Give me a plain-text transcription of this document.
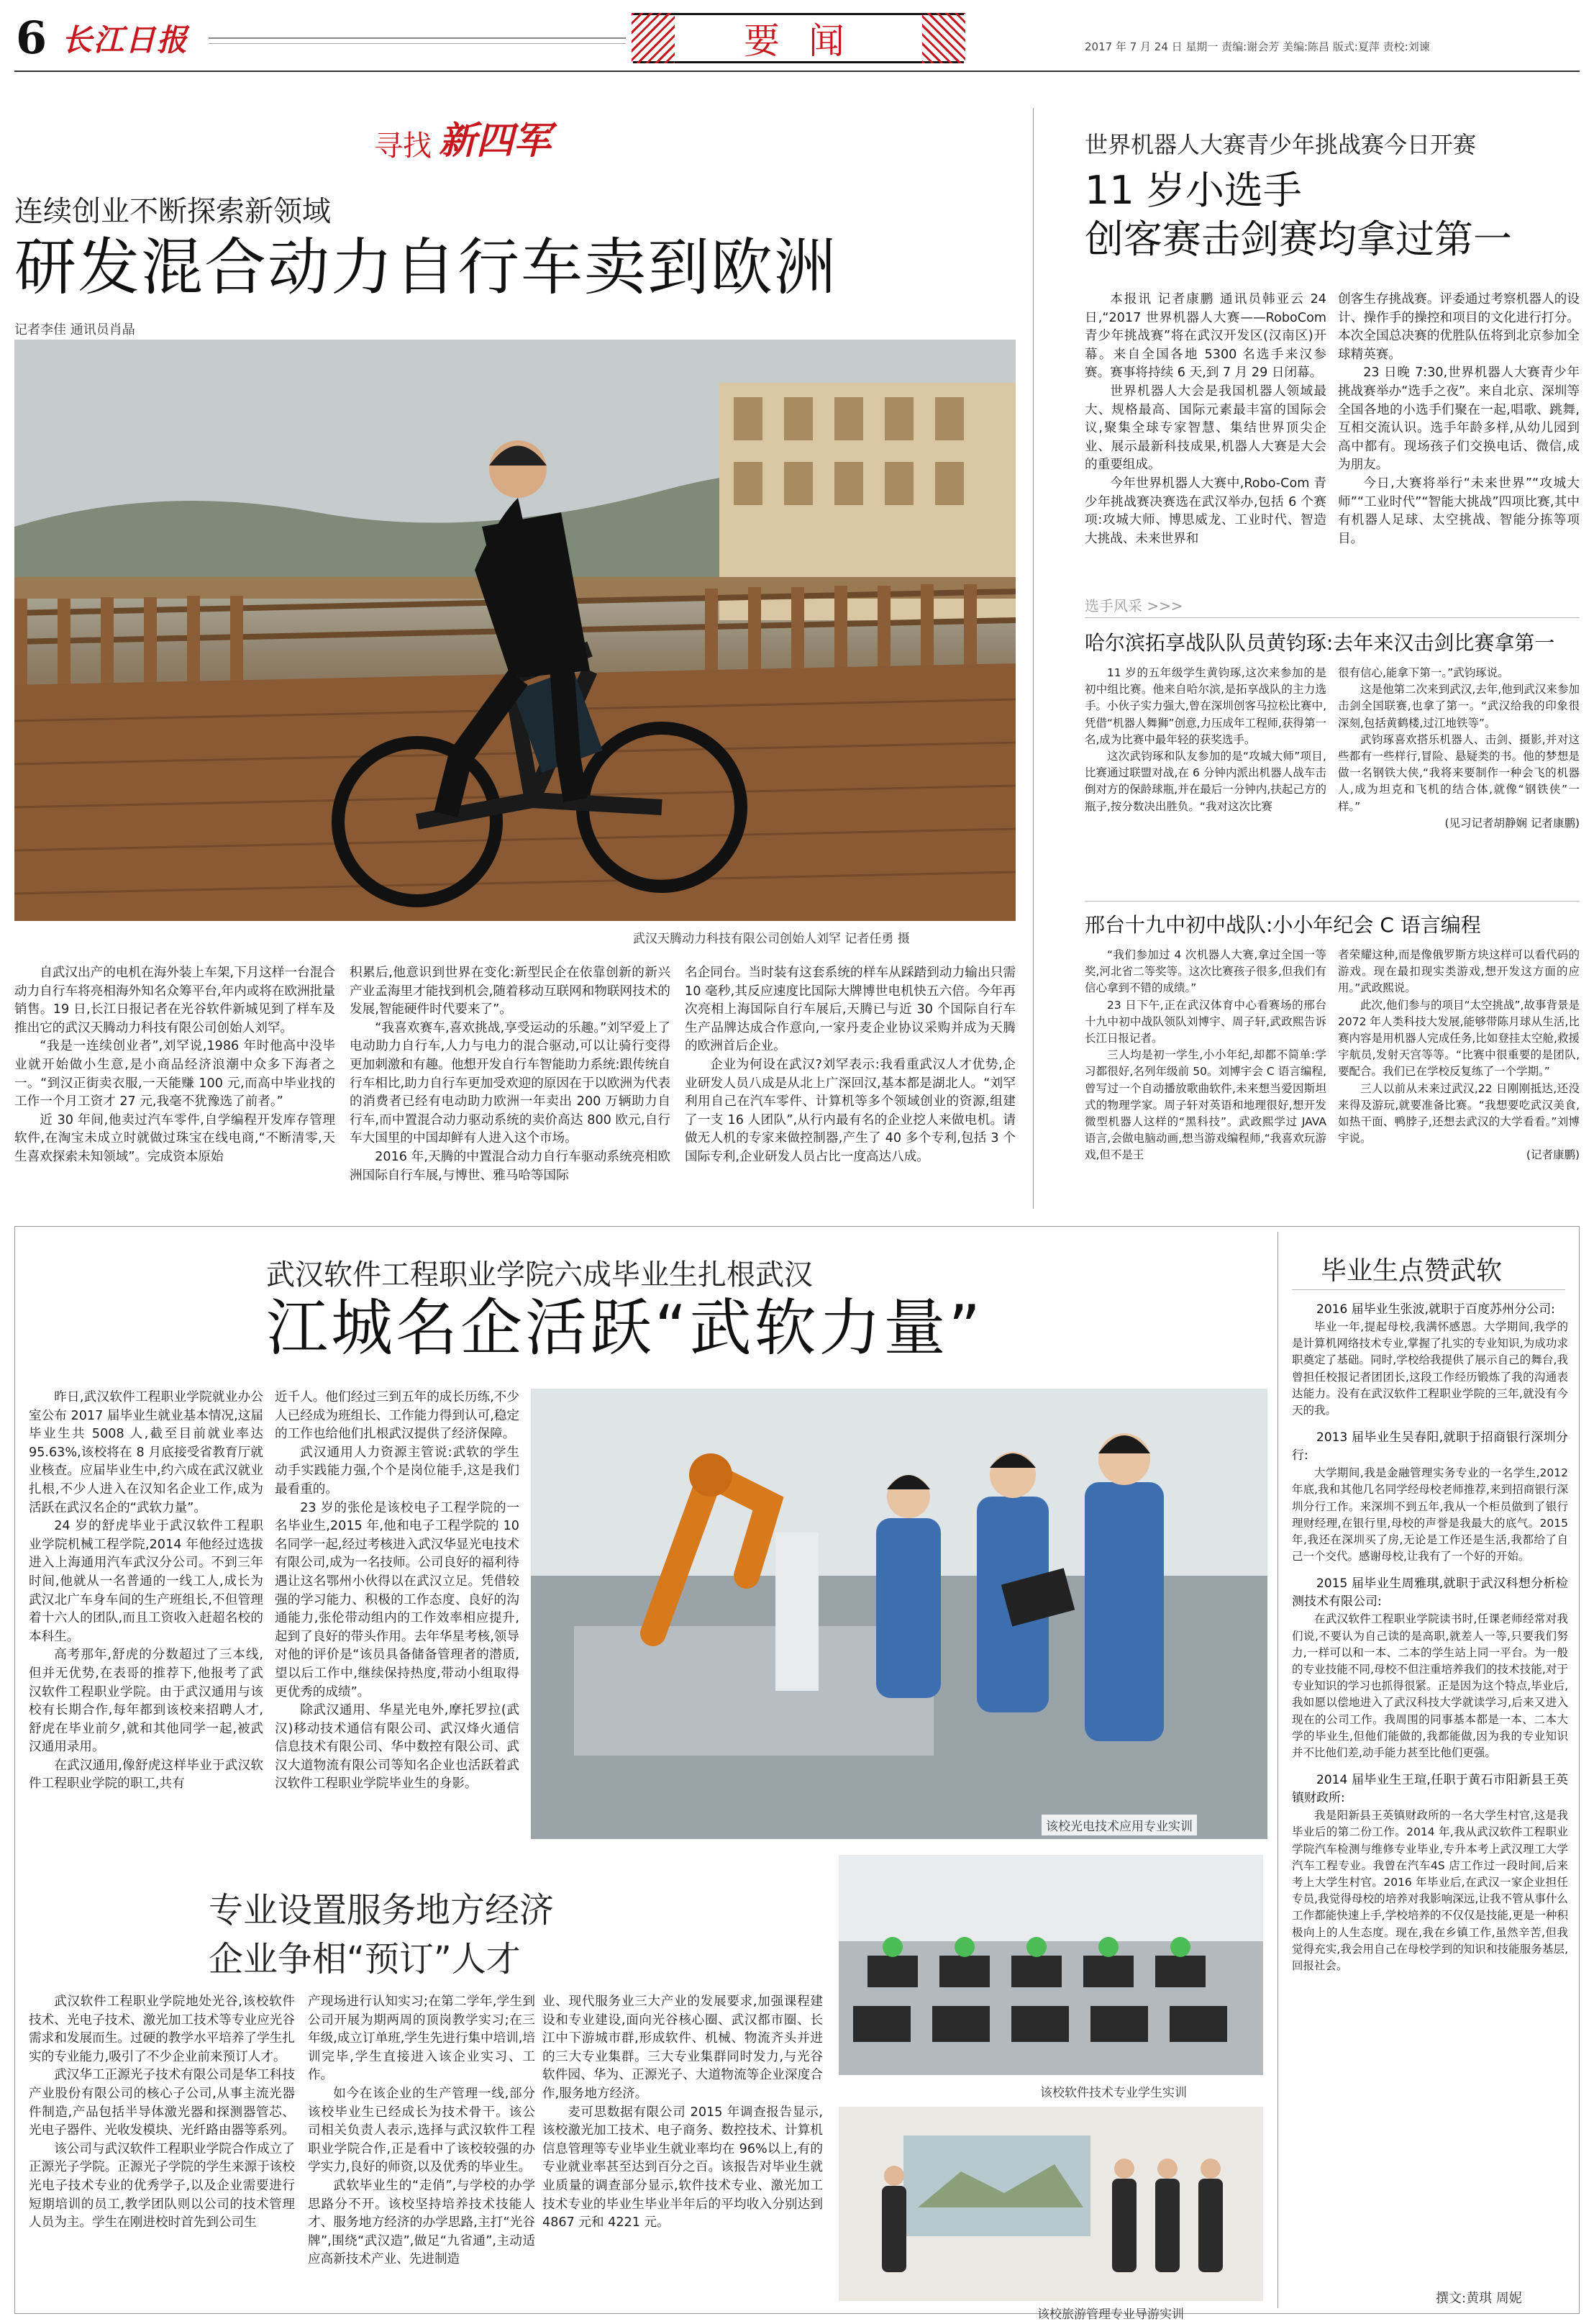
6 长江日报	要 闻	2017 年 7 月 24 日 星期一 责编:谢会芳 美编:陈昌 版式:夏萍 责校:刘谏
寻找 新四军
连续创业不断探索新领域
研发混合动力自行车卖到欧洲
记者李佳 通讯员肖晶
武汉天腾动力科技有限公司创始人刘罕 记者任勇 摄

自武汉出产的电机在海外装上车架,下月这样一台混合动力自行车将亮相海外知名众筹平台,年内或将在欧洲批量销售。19 日,长江日报记者在光谷软件新城见到了样车及推出它的武汉天腾动力科技有限公司创始人刘罕。

“我是一连续创业者”,刘罕说,1986 年时他高中没毕业就开始做小生意,是小商品经济浪潮中众多下海者之一。“到汉正街卖衣服,一天能赚 100 元,而高中毕业找的工作一个月工资才 27 元,我毫不犹豫选了前者。”

近 30 年间,他卖过汽车零件,自学编程开发库存管理软件,在淘宝未成立时就做过珠宝在线电商,“不断清零,天生喜欢探索未知领域”。完成资本原始

积累后,他意识到世界在变化:新型民企在依靠创新的新兴产业孟海里才能找到机会,随着移动互联网和物联网技术的发展,智能硬件时代要来了”。

“我喜欢赛车,喜欢挑战,享受运动的乐趣。”刘罕爱上了电动助力自行车,人力与电力的混合驱动,可以让骑行变得更加刺激和有趣。他想开发自行车智能助力系统:跟传统自行车相比,助力自行车更加受欢迎的原因在于以欧洲为代表的消费者已经有电动助力欧洲一年卖出 200 万辆助力自行车,而中置混合动力驱动系统的卖价高达 800 欧元,自行车大国里的中国却鲜有人进入这个市场。

2016 年,天腾的中置混合动力自行车驱动系统亮相欧洲国际自行车展,与博世、雅马哈等国际

名企同台。当时装有这套系统的样车从踩踏到动力输出只需 10 毫秒,其反应速度比国际大牌博世电机快五六倍。今年再次亮相上海国际自行车展后,天腾已与近 30 个国际自行车生产品牌达成合作意向,一家丹麦企业协议采购并成为天腾的欧洲首后企业。

企业为何设在武汉?刘罕表示:我看重武汉人才优势,企业研发人员八成是从北上广深回汉,基本都是湖北人。“刘罕利用自己在汽车零件、计算机等多个领域创业的资源,组建了一支 16 人团队”,从行内最有名的企业挖人来做电机。请做无人机的专家来做控制器,产生了 40 多个专利,包括 3 个国际专利,企业研发人员占比一度高达八成。

世界机器人大赛青少年挑战赛今日开赛
11 岁小选手
创客赛击剑赛均拿过第一

本报讯 记者康鹏 通讯员韩亚云 24 日,“2017 世界机器人大赛——RoboCom 青少年挑战赛”将在武汉开发区(汉南区)开幕。来自全国各地 5300 名选手来汉参赛。赛事将持续 6 天,到 7 月 29 日闭幕。

世界机器人大会是我国机器人领域最大、规格最高、国际元素最丰富的国际会议,聚集全球专家智慧、集结世界顶尖企业、展示最新科技成果,机器人大赛是大会的重要组成。

今年世界机器人大赛中,Robo-Com 青少年挑战赛决赛选在武汉举办,包括 6 个赛项:攻城大师、博思威龙、工业时代、智造大挑战、未来世界和

创客生存挑战赛。评委通过考察机器人的设计、操作手的操控和项目的文化进行打分。本次全国总决赛的优胜队伍将到北京参加全球精英赛。

23 日晚 7:30,世界机器人大赛青少年挑战赛举办“选手之夜”。来自北京、深圳等全国各地的小选手们聚在一起,唱歌、跳舞,互相交流认识。选手年龄多样,从幼儿园到高中都有。现场孩子们交换电话、微信,成为朋友。

今日,大赛将举行“未来世界”“攻城大师”“工业时代”“智能大挑战”四项比赛,其中有机器人足球、太空挑战、智能分拣等项目。

选手风采 >>>
哈尔滨拓享战队队员黄钧琢:去年来汉击剑比赛拿第一

11 岁的五年级学生黄钧琢,这次来参加的是初中组比赛。他来自哈尔滨,是拓享战队的主力选手。小伙子实力强大,曾在深圳创客马拉松比赛中,凭借“机器人舞狮”创意,力压成年工程师,获得第一名,成为比赛中最年轻的获奖选手。

这次武钧琢和队友参加的是“攻城大师”项目,比赛通过联盟对战,在 6 分钟内派出机器人战车击倒对方的保龄球瓶,并在最后一分钟内,扶起己方的瓶子,按分数决出胜负。“我对这次比赛

很有信心,能拿下第一。”武钧琢说。

这是他第二次来到武汉,去年,他到武汉来参加击剑全国联赛,也拿了第一。“武汉给我的印象很深刻,包括黄鹤楼,过江地铁等”。

武钧琢喜欢搭乐机器人、击剑、摄影,并对这些都有一些样行,冒险、悬疑类的书。他的梦想是做一名钢铁大侠,“我将来要制作一种会飞的机器人,成为坦克和飞机的结合体,就像“钢铁侠”一样。”

(见习记者胡静娴 记者康鹏)

邢台十九中初中战队:小小年纪会 C 语言编程

“我们参加过 4 次机器人大赛,拿过全国一等奖,河北省二等奖等。这次比赛孩子很多,但我们有信心拿到不错的成绩。”

23 日下午,正在武汉体育中心看赛场的邢台十九中初中战队领队刘博宇、周子轩,武政熙告诉长江日报记者。

三人均是初一学生,小小年纪,却都不简单:学习都很好,名列年级前 50。刘博宇会 C 语言编程,曾写过一个自动播放歌曲软件,未来想当爱因斯坦式的物理学家。周子轩对英语和地理很好,想开发微型机器人这样的“黑科技”。武政熙学过 JAVA 语言,会做电脑动画,想当游戏编程师,“我喜欢玩游戏,但不是王

者荣耀这种,而是像俄罗斯方块这样可以看代码的游戏。现在最扣现实类游戏,想开发这方面的应用。”武政熙说。

此次,他们参与的项目“太空挑战”,故事背景是 2072 年人类科技大发展,能够带陈月球从生活,比赛内容是用机器人完成任务,比如登挂太空舱,救援宇航员,发射天宫等等。“比赛中很重要的是团队,要配合。我们已在学校反复练了一个学期。”

三人以前从未来过武汉,22 日刚刚抵达,还没来得及游玩,就要准备比赛。“我想要吃武汉美食,如热干面、鸭脖子,还想去武汉的大学看看。”刘博宇说。

(记者康鹏)

武汉软件工程职业学院六成毕业生扎根武汉
江城名企活跃“武软力量”

昨日,武汉软件工程职业学院就业办公室公布 2017 届毕业生就业基本情况,这届毕业生共 5008 人,截至目前就业率达 95.63%,该校将在 8 月底接受省教育厅就业核查。应届毕业生中,约六成在武汉就业扎根,不少人进入在汉知名企业工作,成为活跃在武汉名企的“武软力量”。

24 岁的舒虎毕业于武汉软件工程职业学院机械工程学院,2014 年他经过选拔进入上海通用汽车武汉分公司。不到三年时间,他就从一名普通的一线工人,成长为武汉北广车身车间的生产班组长,不但管理着十六人的团队,而且工资收入赶超名校的本科生。

高考那年,舒虎的分数超过了三本线,但并无优势,在表哥的推荐下,他报考了武汉软件工程职业学院。由于武汉通用与该校有长期合作,每年都到该校来招聘人才,舒虎在毕业前夕,就和其他同学一起,被武汉通用录用。

在武汉通用,像舒虎这样毕业于武汉软件工程职业学院的职工,共有

近千人。他们经过三到五年的成长历练,不少人已经成为班组长、工作能力得到认可,稳定的工作也给他们扎根武汉提供了经济保障。

武汉通用人力资源主管说:武软的学生动手实践能力强,个个是岗位能手,这是我们最看重的。

23 岁的张伦是该校电子工程学院的一名毕业生,2015 年,他和电子工程学院的 10 名同学一起,经过考核进入武汉华显光电技术有限公司,成为一名技师。公司良好的福利待遇让这名鄂州小伙得以在武汉立足。凭借较强的学习能力、积极的工作态度、良好的沟通能力,张伦带动组内的工作效率相应提升,起到了良好的带头作用。去年华星考核,领导对他的评价是“该员具备储备管理者的潜质,望以后工作中,继续保持热度,带动小组取得更优秀的成绩”。

除武汉通用、华星光电外,摩托罗拉(武汉)移动技术通信有限公司、武汉烽火通信信息技术有限公司、华中数控有限公司、武汉大道物流有限公司等知名企业也活跃着武汉软件工程职业学院毕业生的身影。

该校光电技术应用专业实训
毕业生点赞武软

2016 届毕业生张波,就职于百度苏州分公司:

毕业一年,提起母校,我满怀感恩。大学期间,我学的是计算机网络技术专业,掌握了扎实的专业知识,为成功求职奠定了基础。同时,学校给我提供了展示自己的舞台,我曾担任校报记者团团长,这段工作经历锻炼了我的沟通表达能力。没有在武汉软件工程职业学院的三年,就没有今天的我。

2013 届毕业生吴春阳,就职于招商银行深圳分行:

大学期间,我是金融管理实务专业的一名学生,2012 年底,我和其他几名同学经母校老师推荐,来到招商银行深圳分行工作。来深圳不到五年,我从一个柜员做到了银行理财经理,在银行里,母校的声誉是我最大的底气。2015 年,我还在深圳买了房,无论是工作还是生活,我都给了自己一个交代。感谢母校,让我有了一个好的开始。

2015 届毕业生周雅琪,就职于武汉科想分析检测技术有限公司:

在武汉软件工程职业学院读书时,任课老师经常对我们说,不要认为自己读的是高职,就差人一等,只要我们努力,一样可以和一本、二本的学生站上同一平台。为一般的专业技能不同,母校不但注重培养我们的技术技能,对于专业知识的学习也抓得很紧。正是因为这个特点,毕业后,我如愿以偿地进入了武汉科技大学就读学习,后来又进入现在的公司工作。我周围的同事基本都是一本、二本大学的毕业生,但他们能做的,我都能做,因为我的专业知识并不比他们差,动手能力甚至比他们更强。

2014 届毕业生王瑄,任职于黄石市阳新县王英镇财政所:

我是阳新县王英镇财政所的一名大学生村官,这是我毕业后的第二份工作。2014 年,我从武汉软件工程职业学院汽车检测与维修专业毕业,专升本考上武汉理工大学汽车工程专业。我曾在汽车4S 店工作过一段时间,后来考上大学生村官。2016 年毕业后,在武汉一家企业担任专员,我觉得母校的培养对我影响深远,让我不管从事什么工作都能快速上手,学校培养的不仅仅是技能,更是一种积极向上的人生态度。现在,我在乡镇工作,虽然辛苦,但我觉得充实,我会用自己在母校学到的知识和技能服务基层,回报社会。

撰文:黄琪 周妮
专业设置服务地方经济
企业争相“预订”人才

武汉软件工程职业学院地处光谷,该校软件技术、光电子技术、激光加工技术等专业应光谷需求和发展而生。过硬的教学水平培养了学生扎实的专业能力,吸引了不少企业前来预订人才。

武汉华工正源光子技术有限公司是华工科技产业股份有限公司的核心子公司,从事主流光器件制造,产品包括半导体激光器和探测器管芯、光电子器件、光收发模块、光纤路由器等系列。

该公司与武汉软件工程职业学院合作成立了正源光子学院。正源光子学院的学生来源于该校光电子技术专业的优秀学子,以及企业需要进行短期培训的员工,教学团队则以公司的技术管理人员为主。学生在刚进校时首先到公司生

产现场进行认知实习;在第二学年,学生到公司开展为期两周的顶岗教学实习;在三年级,成立订单班,学生先进行集中培训,培训完毕,学生直接进入该企业实习、工作。

如今在该企业的生产管理一线,部分该校毕业生已经成长为技术骨干。该公司相关负责人表示,选择与武汉软件工程职业学院合作,正是看中了该校较强的办学实力,良好的师资,以及优秀的毕业生。

武软毕业生的“走俏”,与学校的办学思路分不开。该校坚持培养技术技能人才、服务地方经济的办学思路,主打“光谷牌”,围绕“武汉造”,做足“九省通”,主动适应高新技术产业、先进制造

业、现代服务业三大产业的发展要求,加强课程建设和专业建设,面向光谷核心圈、武汉都市圈、长江中下游城市群,形成软件、机械、物流齐头并进的三大专业集群。三大专业集群同时发力,与光谷软件园、华为、正源光子、大道物流等企业深度合作,服务地方经济。

麦可思数据有限公司 2015 年调查报告显示,该校激光加工技术、电子商务、数控技术、计算机信息管理等专业毕业生就业率均在 96%以上,有的专业就业率甚至达到百分之百。该报告对毕业生就业质量的调查部分显示,软件技术专业、激光加工技术专业的毕业生毕业半年后的平均收入分别达到 4867 元和 4221 元。

该校软件技术专业学生实训
该校旅游管理专业导游实训
